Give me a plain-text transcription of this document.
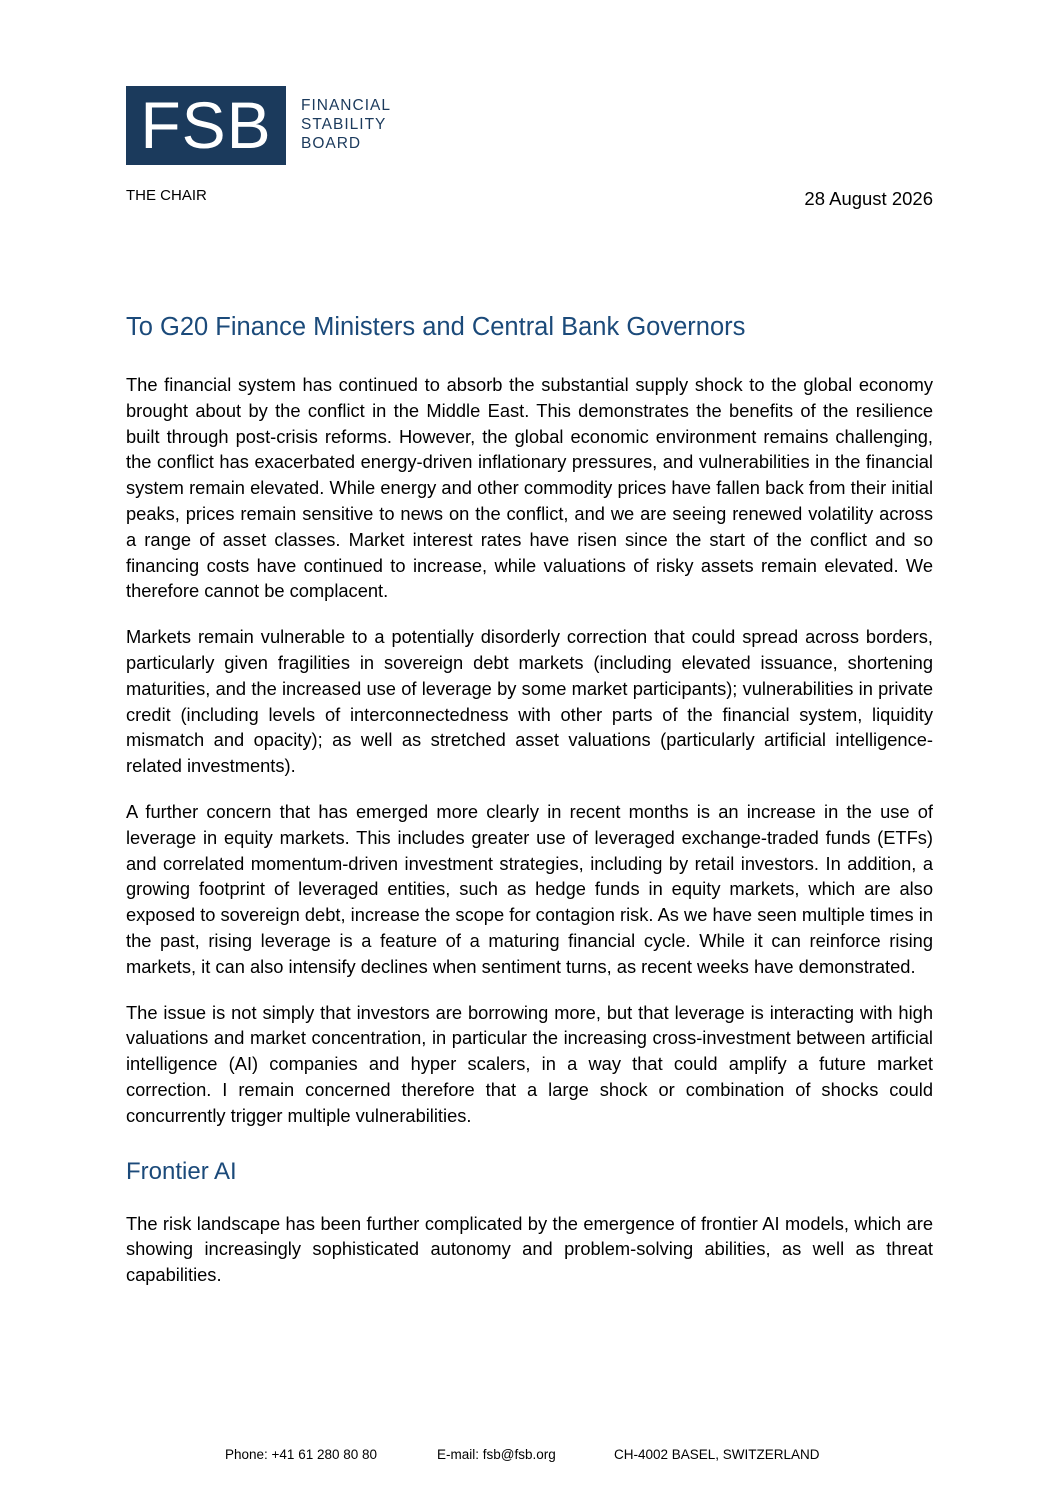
FSB	FINANCIAL
STABILITY
BOARD
THE CHAIR	28 August 2026
To G20 Finance Ministers and Central Bank Governors

The financial system has continued to absorb the substantial supply shock to the global economy brought about by the conflict in the Middle East. This demonstrates the benefits of the resilience built through post-crisis reforms. However, the global economic environment remains challenging, the conflict has exacerbated energy-driven inflationary pressures, and vulnerabilities in the financial system remain elevated. While energy and other commodity prices have fallen back from their initial peaks, prices remain sensitive to news on the conflict, and we are seeing renewed volatility across a range of asset classes. Market interest rates have risen since the start of the conflict and so financing costs have continued to increase, while valuations of risky assets remain elevated. We therefore cannot be complacent.

Markets remain vulnerable to a potentially disorderly correction that could spread across borders, particularly given fragilities in sovereign debt markets (including elevated issuance, shortening maturities, and the increased use of leverage by some market participants); vulnerabilities in private credit (including levels of interconnectedness with other parts of the financial system, liquidity mismatch and opacity); as well as stretched asset valuations (particularly artificial intelligence-related investments).

A further concern that has emerged more clearly in recent months is an increase in the use of leverage in equity markets. This includes greater use of leveraged exchange-traded funds (ETFs) and correlated momentum-driven investment strategies, including by retail investors. In addition, a growing footprint of leveraged entities, such as hedge funds in equity markets, which are also exposed to sovereign debt, increase the scope for contagion risk. As we have seen multiple times in the past, rising leverage is a feature of a maturing financial cycle. While it can reinforce rising markets, it can also intensify declines when sentiment turns, as recent weeks have demonstrated.

The issue is not simply that investors are borrowing more, but that leverage is interacting with high valuations and market concentration, in particular the increasing cross-investment between artificial intelligence (AI) companies and hyper scalers, in a way that could amplify a future market correction. I remain concerned therefore that a large shock or combination of shocks could concurrently trigger multiple vulnerabilities.

Frontier AI

The risk landscape has been further complicated by the emergence of frontier AI models, which are showing increasingly sophisticated autonomy and problem-solving abilities, as well as threat capabilities.

Phone: +41 61 280 80 80	E-mail: fsb@fsb.org	CH-4002 BASEL, SWITZERLAND
